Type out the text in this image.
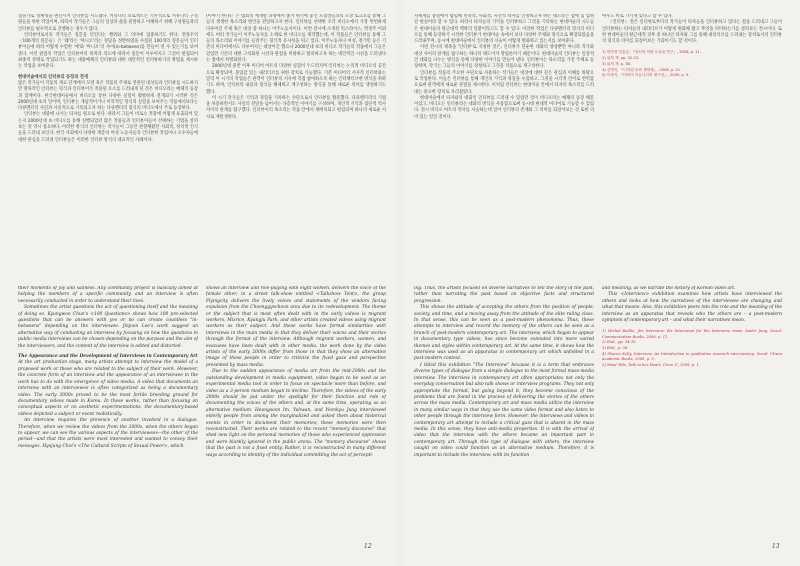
점술가로 정체성을 변신시켜 인터뷰를 시도했다. 커뮤니티 프로젝트는 기본적으로 커뮤니티 구성원들을 위한 작업이며, 따라서 작가들은 그들의 일상과 삶을 관찰하고 이해하기 위해 구성원들과의 인터뷰를 필수적으로 진행하는 경우가 많다.

인터뷰어로서의 작가들은 질문을 던진다는 행위와 그 의미에 집중하기도 한다. 전경우의 〈100개의 질문들〉은 '왜'라는 '아니오'라는 질답을 정반하였을 수집된 100개의 질문들이 인터뷰이들에 따라 어떻게 수렴한 '예'와 '아니오'의 사이(in-between)를 만들어 낼 수 있는가를 보여준다. 이런 관점의 작업은 인터뷰어의 목적과 의도에 따라서 질문이 이루어지고 그것이 편집되어 최종적 상태로 작업되기도 하는 대중매체의 인터뷰와 대한 대안적인 인터뷰하기의 방법을 제시하는 작업을 보여준다.

현대미술에서의 인터뷰의 등장과 전개

많은 작가들이 작품의 재료 단계에서 모델 혹은 작품의 주제로 연관된 대상들과 인터뷰를 시도하지만 명목적인 인터뷰는 형식과 인터뷰이가 적용된 요소를 드러내게 된 것은 비디오라는 매체의 등장과 함께이다. 한국현대미술에서 비디오를 통한 다양한 실험이 활발하게 전개되기 시작한 것은 2000년대 초의 일이며, 인터뷰는 개념적이거나 미학적인 형식의 실험을 보여주는 작품에서보다는 다큐멘터리 사진과 사실적으로 기록되고자 하는 다큐멘터리 형식의 비디오에서 주로 등장한다.

인터뷰는 대중에 나서는 타자를 필요로 한다. 따라서 그들이 비로소 적용에 어떻게 표출되어 있는지 2000년대 초 비디오를 통해 실행되었던 많은 작품들과 인터뷰이들이 선택하는 기법을 살펴보는 것 역시 중요하다. 이러한 방식의 인터뷰는 작가들이 그동안 관찰해왔던 사회적, 정치적 인식들을 드러내 보인다. 한국 사회에서 다양한 계층의 여성 노동자들과 인터뷰한 작업이나 소수자들에 대한 관심을 드러낸 인터뷰들은 이러한 인터뷰 방식의 대표적인 사례이다.

(이야기 한다)〉은 범죄적 재개발 과정에서 쫓겨 위기에 놓인 노점상들과의 노상 토크쇼를 통해 그들의 생생한 목소리와 발언을 전달하고자 한다. 인터뷰를 선택한 조각 비디오에서 가장 빈번하게 다루어진 주제 혹은 대상 중 하나는 이주노동자이다. 이번 전시에 소개된 믹스라이스, 박경주 이외에도 여러 작가들이 이주노동자를 소재로 한 비디오를 제작했는데, 이 작품들은 인터뷰를 통해 그들의 목소리와 이야기를 들려주는 형식적 유사성을 띄고 있다. 이주노동자나 여성, 철거민 등은 기존의 미디어에서도 다루어지는 대상이긴 했으나 2000년대 초의 비디오 작가들의 작품에서 그들은 얻었던 기존의 대한 고착화된 시선과 관점을 비판하고 탈피하고자 하는 대안적인 시선을 드러낸다는 점에서 차별화된다.

2000년대 중반 이후 미디어 아트의 다양한 실험이 두드러지며 인터뷰는 논리적 비디오의 공간으로 확장되며, 몰입감 있는 내러티브를 위한 장치로 기능했다. 기존 미디어의 서사적 인터뷰와는 달리 이 시기의 작업들은 관객이 인터뷰의 서사에 직접 참여하도록 하는 인터랙티브한 방식을 취하기도 하며, 인터뷰의 내용과 형식을 해체하고 재구성하는 방식을 통해 새로운 의미를 생성하기도 했다.

이 시기 작가들은 기억과 경험을 기록하는 수단으로서 인터뷰를 활용했다. 다큐멘터리의 기법을 차용하면서도 사실의 전달을 넘어서는 다층적인 이야기를 구성하며, 개인적 기억과 집단적 역사 사이의 관계를 탐구했다. 인터뷰이의 목소리는 작품 안에서 재배치되고 편집되며 하나의 새로운 서사로 재탄생한다.

자세계를 총실에서 탐험해 민족적, 사회적, 시간적 타자를 인정하고자 하는 태도라는 점에 힘 입혀진 현실이라 할 수 있다. 따라서 타자들의 기억을 인터뷰하고 그것을 기록하는 현대미술의 시도들은 현대미술의 탈근대적 맥락의 일환이라고도 할 수 있다. 이러한 작업은 다큐멘터리 형식의 비디오를 통해 등장하기 시작한 인터뷰가 현대미술 속에서 보다 다양한 주제와 형식으로 확장되었음을 드러내주며, 동시에 현대미술에서 인터뷰의 서술이 어떻게 변화하고 있는지를 보여준다.

이번 전시의 제목을 '인터뷰'로 지칭한 것은, 인터뷰가 단순한 대화의 양상뿐만 아니라 작가와 대상 사이의 관계를 탐구하는 하나의 태도이자 방법론이기 때문이다. 현대미술의 인터뷰는 일상적인 대화를 나누는 방식을 통해 다양한 이야기를 만들어 낸다. 인터뷰이는 목소리를 가진 주체로 등장하며, 작가는 그들의 이야기를 경청하고 그것을 작품으로 재구성한다.

인터뷰를 작품의 주요한 수단으로 사용하는 작가들은 대상에 대한 깊은 관심과 이해를 바탕으로 작업한다. 이들은 인터뷰를 통해 개인의 기억과 경험을 수집하고, 그것을 시각적 언어로 번역함으로써 관객에게 새로운 관점을 제시한다. 이처럼 인터뷰는 현대미술 안에서 타자의 목소리를 드러내는 중요한 장치로 자리잡았다.

현대미술에서 타자와의 대화인 인터뷰를 드러낸 수 있었던 것이 비디오라는 매체의 등장 때문이었고, 비디오는 인터뷰라는 대화의 방식을 사용함으로써 동시대 현대적 미디어로 기능할 수 있었다. 전시 비디오 아트의 역사를 서술하는데 있어 인터뷰의 존재와 그 의미를 되짚어보는 것 또한 의미 있는 일일 것이다.

아우도 비로 가기게 있다고 할 수 있다.

〈인터뷰〉전은 인터뷰로부터의 작가들이 타자들을 인터뷰하고 있다는 점을 드러내고 그들이 인터뷰하는 타자들의 내러티브가 어떻게 변화해 왔고 무엇을 의미하는가를 살펴보는 전시이다. 또한 현대미술의 탈근대적 징후 중 하나인 타자와 그를 통해 내러티브를 드러내는 장치로서의 인터뷰의 형식과 의미를 되짚어보는 기회이기도 할 것이다.

1) 박찬경·임흥순, 『당신의 어떤 모습을 연구』, 2006, p. 11.
2) 위의 책, pp. 32-33.
3) 위의 책, p. 38.
4) 김영미, 『디지털 문화 생태계』, 2008, p. 21.
5) 이광석, 『미학적 커뮤니티의 재구성』, 2009, p. 5.

their moments of joy and sadness. Any community project is basically aimed at helping the members of a specific community, and an interview is often necessarily conducted in order to understand their lives.

Sometimes the artist questions the act of questioning itself and the meaning of doing so. Kyungwoo Chun's <100 Questions> shows how 100 pre-selected questions that can be answers with yes or no can create countless "in-betweens" depending on the interviewee. Jinjoon Lee's work suggest an alternative way of conducting an interview by focusing on how the questions in public media interviews can be chosen depending on the purpose and the aim of the interviewers, and the content of the interview is edited and distorted.

The Appearance and the Development of Interviews in Contemporary Art

At the art production stage, many artists attempt to interview the model of a proposed work or those who are related to the subject of their work. However, the concrete form of an interview and the appearance of an interviewee in the work has to do with the emergence of video media. A video that documents an interview with an interviewee is often categorized as being a documentary video. The early 2000s proved to be the most fertile breeding ground for documentary videos made in Korea. In these works, rather than focusing on conceptual aspects or on aesthetic experimentations, the documentary-based videos depicted a subject or event realistically.

An interview requires the presence of another involved in a dialogue. Therefore, when we review the videos from the 2000s, when the others began to appear, we can see the various aspects of the interviewees—the other of the period—and that the artists were most interested and wanted to convey their messages. Hyojung Choi's <The Cultural Scripts of Sexual Power>, which

shows an interview and role-playing with eight women, delivers the voice of the female other; in a street talk-show entitled <Talkshow Tent>, the group Flyingcity delivers the lively voices and statements of the vendors facing expulsion from the Cheonggyecheon area due to its redevelopment. The theme or the subject that is most often dealt with in the early videos is migrant workers. Mixrice, Kyungju Park, and other artists created videos using migrant workers as their subject. And these works have formal similarities with interviews in the main media in that they deliver their voices and their stories through the format of the interview. Although migrant workers, women, and evacuees have been dealt with in other media, the work done by the video artists of the early 2000s differ from those in that they show an alternative image of these people in order to criticize the fixed gaze and perspective presented by mass media.

Due to the sudden appearance of media art from the mid-2000s and the outstanding development in media equipment, video began to be used as an experimental media tool in order to focus on spectacle more than before, and video as a 3-person medium began to decline. Therefore, the videos of the early 2000s should be put under the spotlight for their function and role of documenting the voices of the others and, at the same time, operating as an alternative medium. Heungsoon Im, Yuhwan, and Yeonkyu Jung interviewed elderly people from among the marginalized and asked them about historical events in order to document their memories; these memories were then reconstructed. Their works are related to the recent "memory discourse" that shed new light on the personal memories of those who experienced oppression and were blankly ignored in the public arena. The "memory discourse" shows that the past is not a fixed entity. Rather, it is reconstructed in many different ways according to identity of the individual committing the act of percepti-

ing. Thus, the artists focused on diverse narratives to tell the story of the past, rather than narrating the past based on objective facts and structured progression.

This shows the attitude of accepting the others from the position of people, society, and time, and a moving away from the attitude of the elite ruling class. In that sense, this can be seen as a post-modern phenomena. Thus, these attempts to interview and record the memory of the others can be seen as a branch of post-modern contemporary art. The interview, which began to appear in documentary type videos, has since become extended into more varied themes and styles within contemporary art. At the same time, it shows how the interview was used as an apparatus in contemporary art which unfolded in a post-modern context.

I titled this exhibition "The Interview" because it is a term that embraces diverse types of dialogue from a simple dialogue to the most formal mass-media interview. The interview in contemporary art often appropriates not only the everyday conversation but also talk shows or interview programs. They not only appropriate the format, but going beyond it, they become conscious of the problems that are found in the process of delivering the stories of the others across the mass media. Contemporary art and mass media utilize the interview in many similar ways in that they use the same video format and also listen to other people through the interview form. However, the interviews and videos in contemporary art attempt to include a critical gaze that is absent in the mass media. In this sense, they have anti-media properties. It is with the arrival of video that the interview with the others became an important part in contemporary art. Through this type of dialogue with others, the interview caught on video could function as an alternative medium. Therefore, it is important to include the interview, with its function

and meaning, as we narrate the history of Korean video art.

This <Interview> exhibition examines how artists have interviewed the others and looks at how the narratives of the interviewee are changing and what that means. Also, this exhibition peers into the role and the meaning of the interview as an apparatus that reveals who the others are – a post-modern symptom of contemporary art – and what their narratives mean.

1) Michel Baillie, Jim Interview: Six Interviews for the Interview, trans. Ander Jung, Seoul: Communication Books, 2006, p. 11.
2) Ibid., pp. 34-35.
3) Ibid., p. 38.
4) Sharon Kelly, Interview: An Introduction to qualitative research interviewing, Seoul: Ulwon Academic Books, 2006, p. 5.
5) Mind 'Blix, Talk to her Heart, Circa 'C, 2008, p. 1.
12	13
